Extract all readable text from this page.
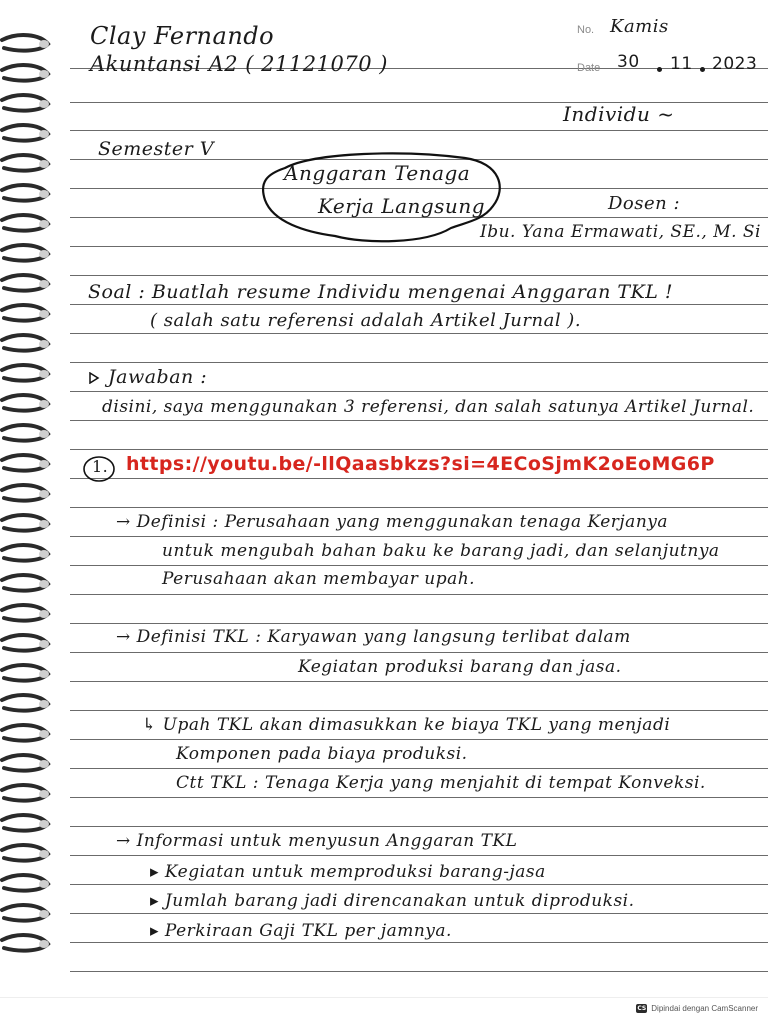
Clay Fernando
Akuntansi A2 ( 21121070 )
No. Kamis
Date 30 11 2023
Individu ~
Semester V
Anggaran Tenaga
Kerja Langsung	Dosen :
Ibu. Yana Ermawati, SE., M. Si
Soal : Buatlah resume Individu mengenai Anggaran TKL !
( salah satu referensi adalah Artikel Jurnal ).
Jawaban :
disini, saya menggunakan 3 referensi, dan salah satunya Artikel Jurnal.
1. https://youtu.be/-llQaasbkzs?si=4ECoSjmK2oEoMG6P
→ Definisi : Perusahaan yang menggunakan tenaga Kerjanya
untuk mengubah bahan baku ke barang jadi, dan selanjutnya
Perusahaan akan membayar upah.
→ Definisi TKL : Karyawan yang langsung terlibat dalam
Kegiatan produksi barang dan jasa.
↳ Upah TKL akan dimasukkan ke biaya TKL yang menjadi
Komponen pada biaya produksi.
Ctt TKL : Tenaga Kerja yang menjahit di tempat Konveksi.
→ Informasi untuk menyusun Anggaran TKL
▸ Kegiatan untuk memproduksi barang-jasa
▸ Jumlah barang jadi direncanakan untuk diproduksi.
▸ Perkiraan Gaji TKL per jamnya.
CS Dipindai dengan CamScanner
